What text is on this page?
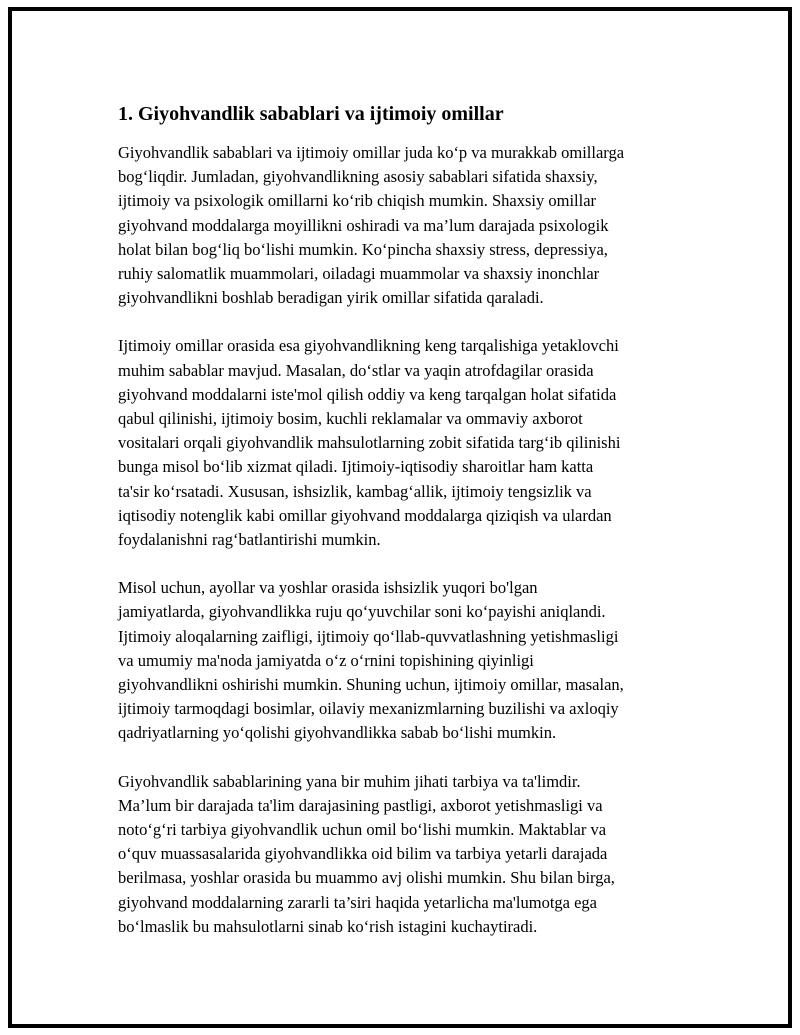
1. Giyohvandlik sabablari va ijtimoiy omillar

Giyohvandlik sabablari va ijtimoiy omillar juda ko‘p va murakkab omillarga
bog‘liqdir. Jumladan, giyohvandlikning asosiy sabablari sifatida shaxsiy,
ijtimoiy va psixologik omillarni ko‘rib chiqish mumkin. Shaxsiy omillar
giyohvand moddalarga moyillikni oshiradi va ma’lum darajada psixologik
holat bilan bog‘liq bo‘lishi mumkin. Ko‘pincha shaxsiy stress, depressiya,
ruhiy salomatlik muammolari, oiladagi muammolar va shaxsiy inonchlar
giyohvandlikni boshlab beradigan yirik omillar sifatida qaraladi.

Ijtimoiy omillar orasida esa giyohvandlikning keng tarqalishiga yetaklovchi
muhim sabablar mavjud. Masalan, do‘stlar va yaqin atrofdagilar orasida
giyohvand moddalarni iste'mol qilish oddiy va keng tarqalgan holat sifatida
qabul qilinishi, ijtimoiy bosim, kuchli reklamalar va ommaviy axborot
vositalari orqali giyohvandlik mahsulotlarning zobit sifatida targ‘ib qilinishi
bunga misol bo‘lib xizmat qiladi. Ijtimoiy-iqtisodiy sharoitlar ham katta
ta'sir ko‘rsatadi. Xususan, ishsizlik, kambag‘allik, ijtimoiy tengsizlik va
iqtisodiy notenglik kabi omillar giyohvand moddalarga qiziqish va ulardan
foydalanishni rag‘batlantirishi mumkin.

Misol uchun, ayollar va yoshlar orasida ishsizlik yuqori bo'lgan
jamiyatlarda, giyohvandlikka ruju qo‘yuvchilar soni ko‘payishi aniqlandi.
Ijtimoiy aloqalarning zaifligi, ijtimoiy qo‘llab-quvvatlashning yetishmasligi
va umumiy ma'noda jamiyatda o‘z o‘rnini topishining qiyinligi
giyohvandlikni oshirishi mumkin. Shuning uchun, ijtimoiy omillar, masalan,
ijtimoiy tarmoqdagi bosimlar, oilaviy mexanizmlarning buzilishi va axloqiy
qadriyatlarning yo‘qolishi giyohvandlikka sabab bo‘lishi mumkin.

Giyohvandlik sabablarining yana bir muhim jihati tarbiya va ta'limdir.
Ma’lum bir darajada ta'lim darajasining pastligi, axborot yetishmasligi va
noto‘g‘ri tarbiya giyohvandlik uchun omil bo‘lishi mumkin. Maktablar va
o‘quv muassasalarida giyohvandlikka oid bilim va tarbiya yetarli darajada
berilmasa, yoshlar orasida bu muammo avj olishi mumkin. Shu bilan birga,
giyohvand moddalarning zararli ta’siri haqida yetarlicha ma'lumotga ega
bo‘lmaslik bu mahsulotlarni sinab ko‘rish istagini kuchaytiradi.
